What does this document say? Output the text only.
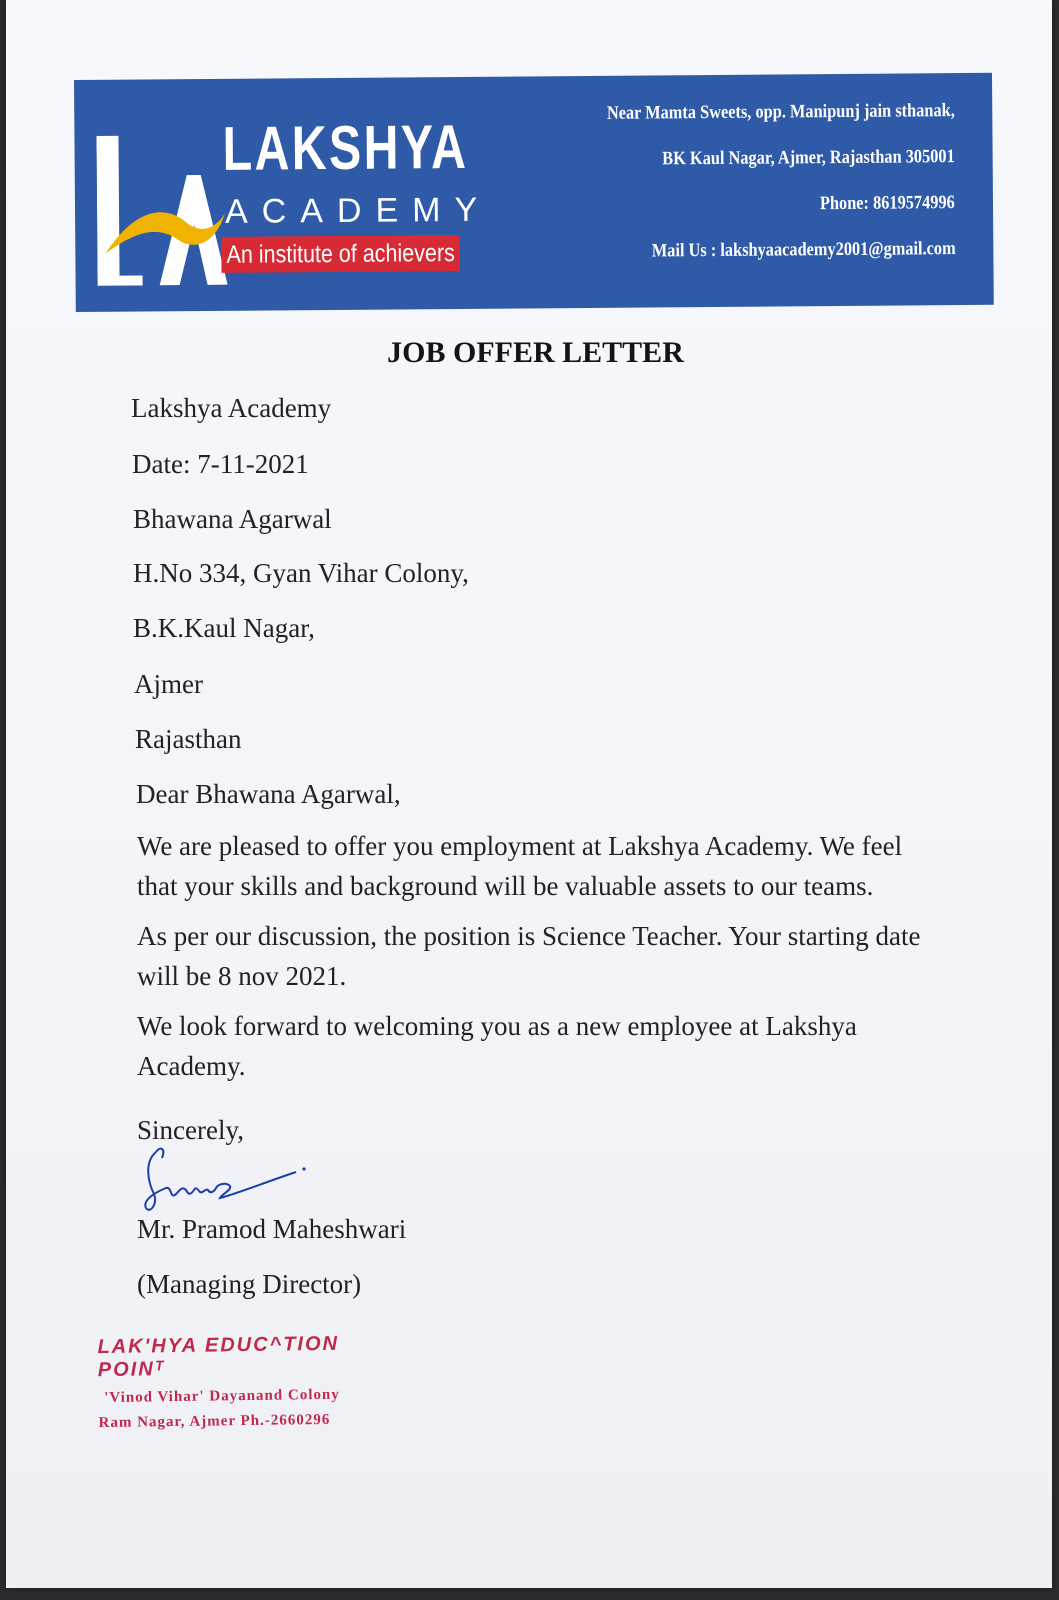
LAKSHYA
ACADEMY
An institute of achievers
Near Mamta Sweets, opp. Manipunj jain sthanak,
BK Kaul Nagar, Ajmer, Rajasthan 305001
Phone: 8619574996
Mail Us : lakshyaacademy2001@gmail.com
JOB OFFER LETTER
Lakshya Academy
Date: 7-11-2021
Bhawana Agarwal
H.No 334, Gyan Vihar Colony,
B.K.Kaul Nagar,
Ajmer
Rajasthan
Dear Bhawana Agarwal,
We are pleased to offer you employment at Lakshya Academy. We feel that your skills and background will be valuable assets to our teams.
As per our discussion, the position is Science Teacher. Your starting date will be 8 nov 2021.
We look forward to welcoming you as a new employee at Lakshya Academy.
Sincerely,
Mr. Pramod Maheshwari
(Managing Director)
LAK'HYA EDUC^TION POINᵀ
'Vinod Vihar' Dayanand Colony
Ram Nagar, Ajmer Ph.-2660296
